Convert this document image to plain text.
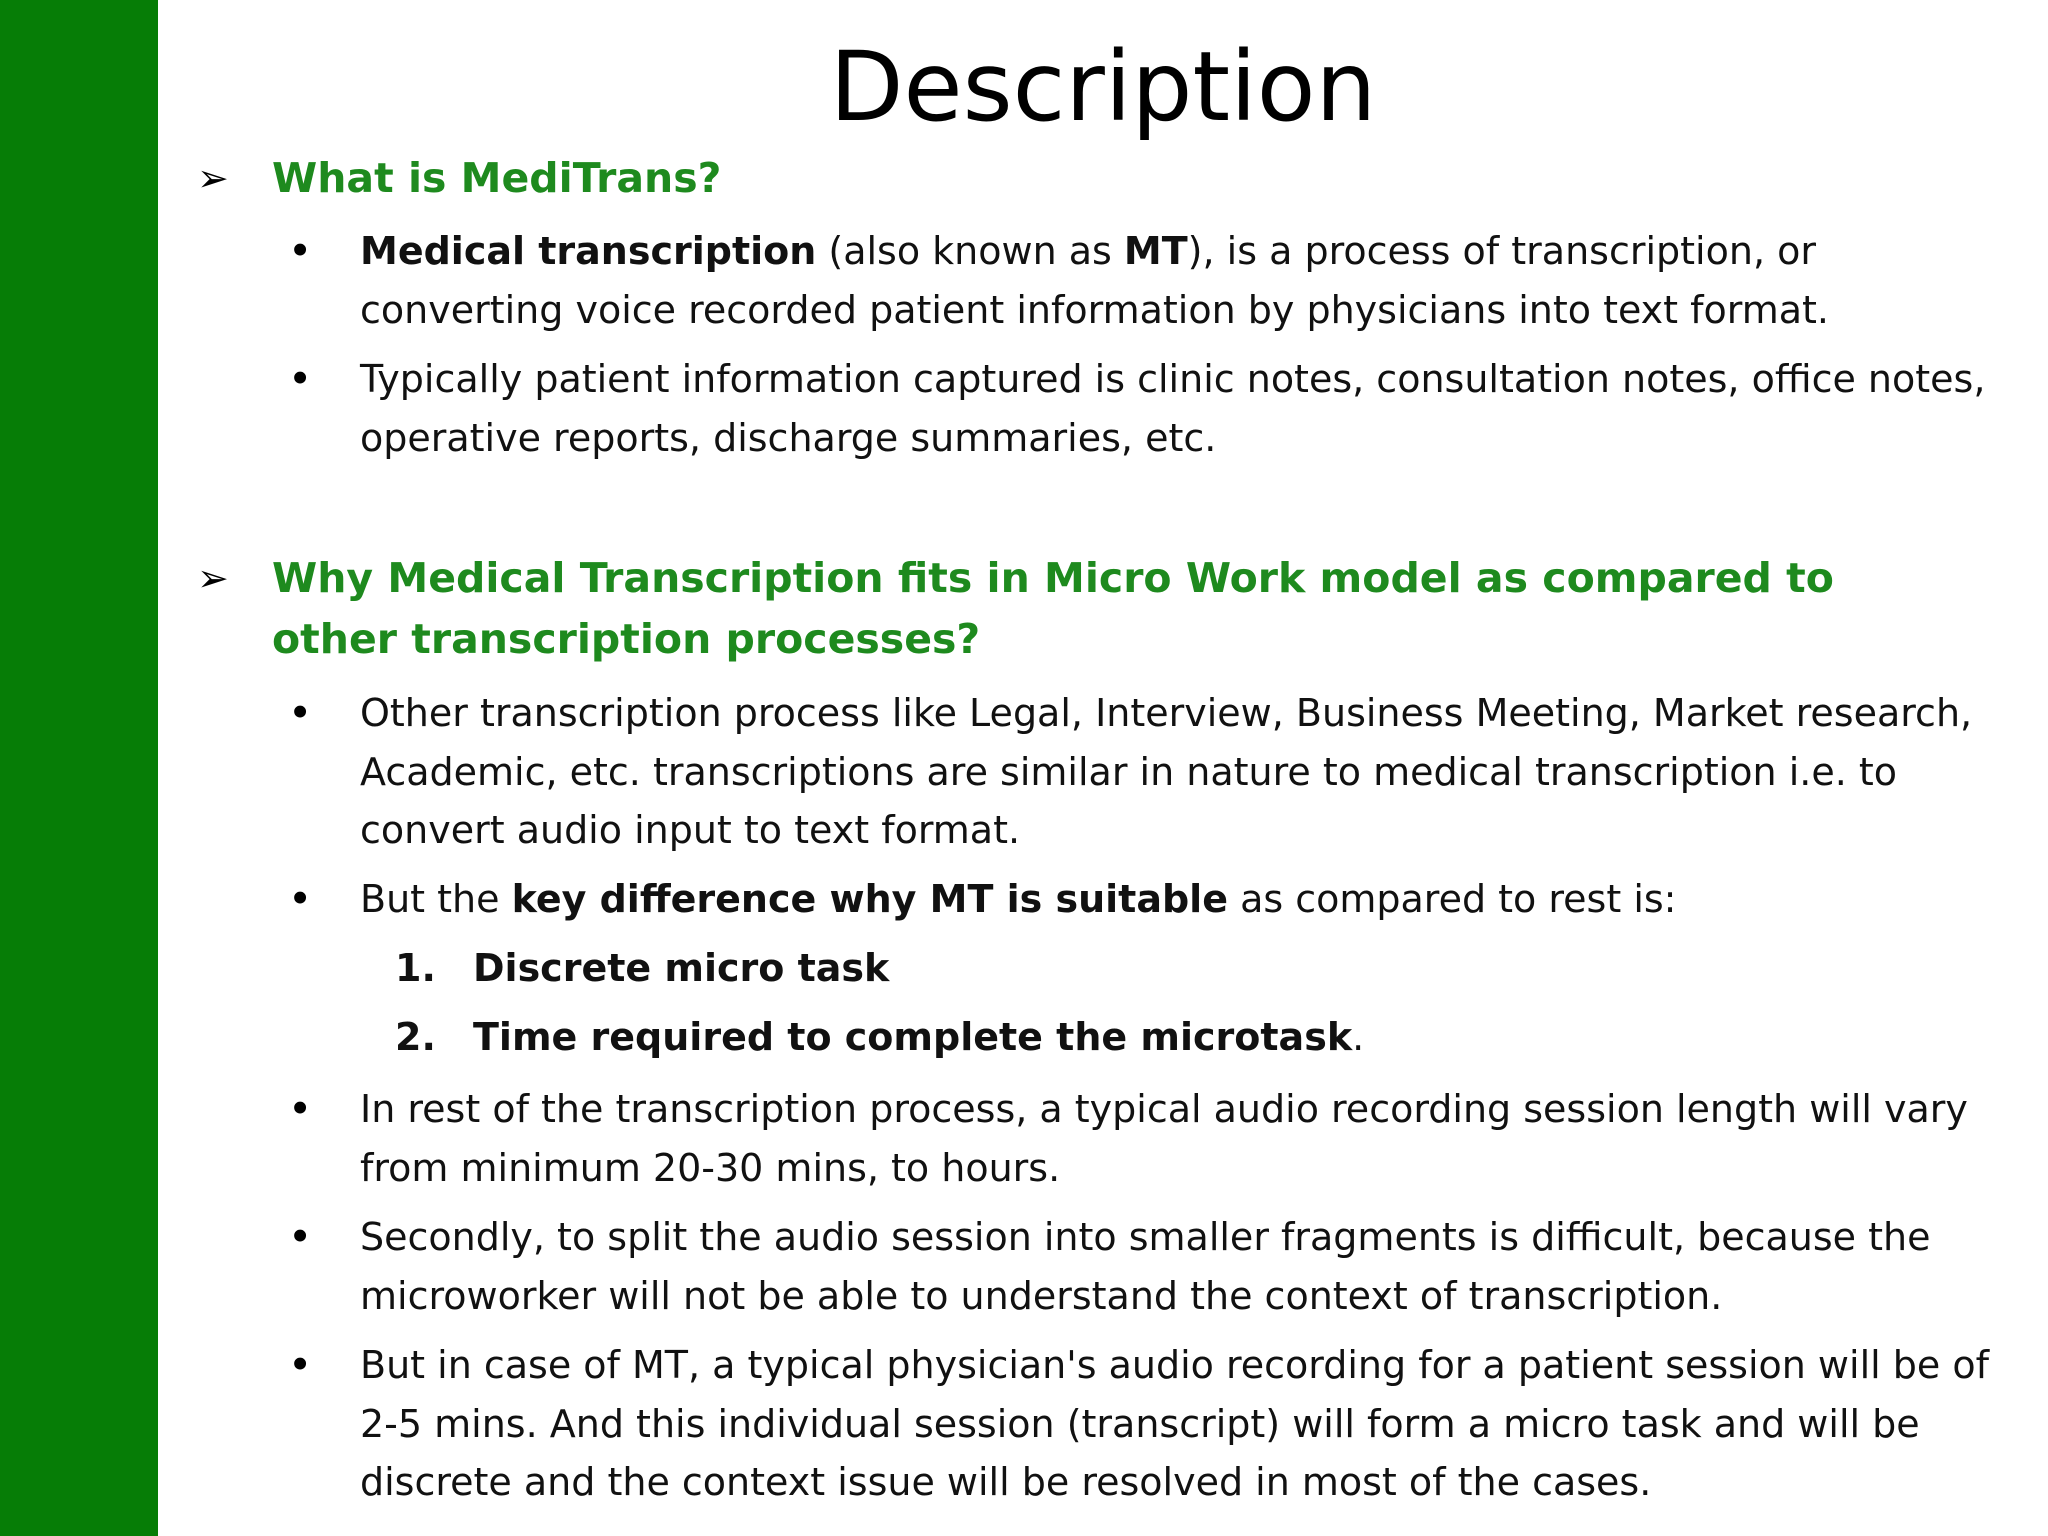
Description
➢ What is MediTrans?
• Medical transcription (also known as MT), is a process of transcription, or converting voice recorded patient information by physicians into text format.
• Typically patient information captured is clinic notes, consultation notes, office notes, operative reports, discharge summaries, etc.
➢ Why Medical Transcription fits in Micro Work model as compared to other transcription processes?
• Other transcription process like Legal, Interview, Business Meeting, Market research, Academic, etc. transcriptions are similar in nature to medical transcription i.e. to convert audio input to text format.
• But the key difference why MT is suitable as compared to rest is:
1. Discrete micro task
2. Time required to complete the microtask.
• In rest of the transcription process, a typical audio recording session length will vary from minimum 20-30 mins, to hours.
• Secondly, to split the audio session into smaller fragments is difficult, because the microworker will not be able to understand the context of transcription.
• But in case of MT, a typical physician's audio recording for a patient session will be of 2-5 mins. And this individual session (transcript) will form a micro task and will be discrete and the context issue will be resolved in most of the cases.
